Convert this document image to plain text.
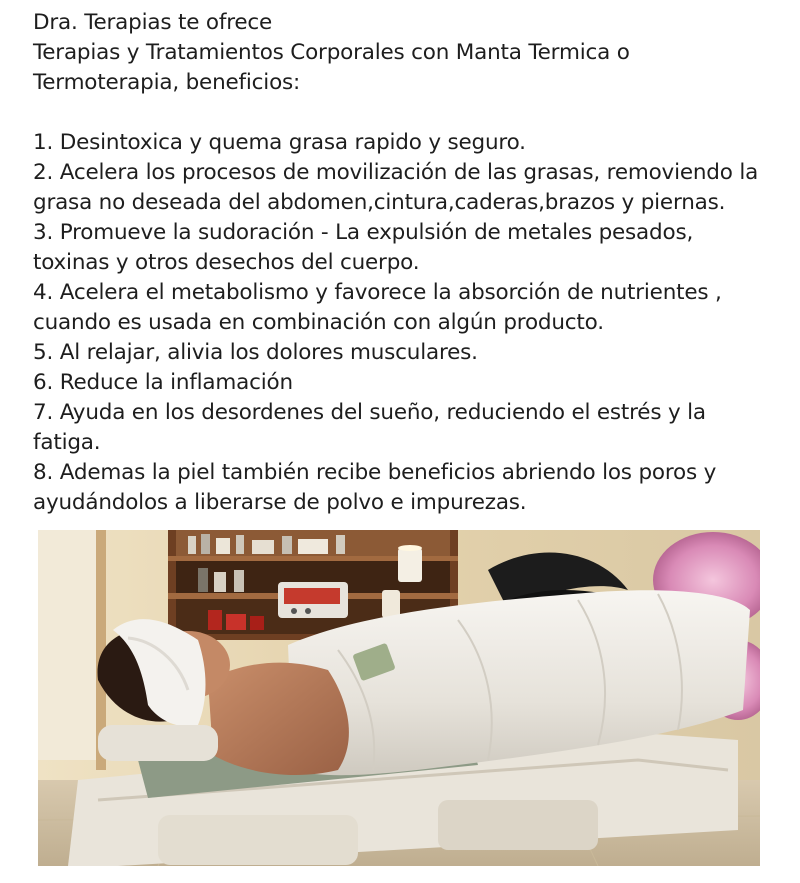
Dra. Terapias te ofrece
Terapias y Tratamientos Corporales con Manta Termica o
Termoterapia, beneficios:
1. Desintoxica y quema grasa rapido y seguro.
2. Acelera los procesos de movilización de las grasas, removiendo la
grasa no deseada del abdomen,cintura,caderas,brazos y piernas.
3. Promueve la sudoración - La expulsión de metales pesados,
toxinas y otros desechos del cuerpo.
4. Acelera el metabolismo y favorece la absorción de nutrientes ,
cuando es usada en combinación con algún producto.
5. Al relajar, alivia los dolores musculares.
6. Reduce la inflamación
7. Ayuda en los desordenes del sueño, reduciendo el estrés y la
fatiga.
8. Ademas la piel también recibe beneficios abriendo los poros y
ayudándolos a liberarse de polvo e impurezas.
